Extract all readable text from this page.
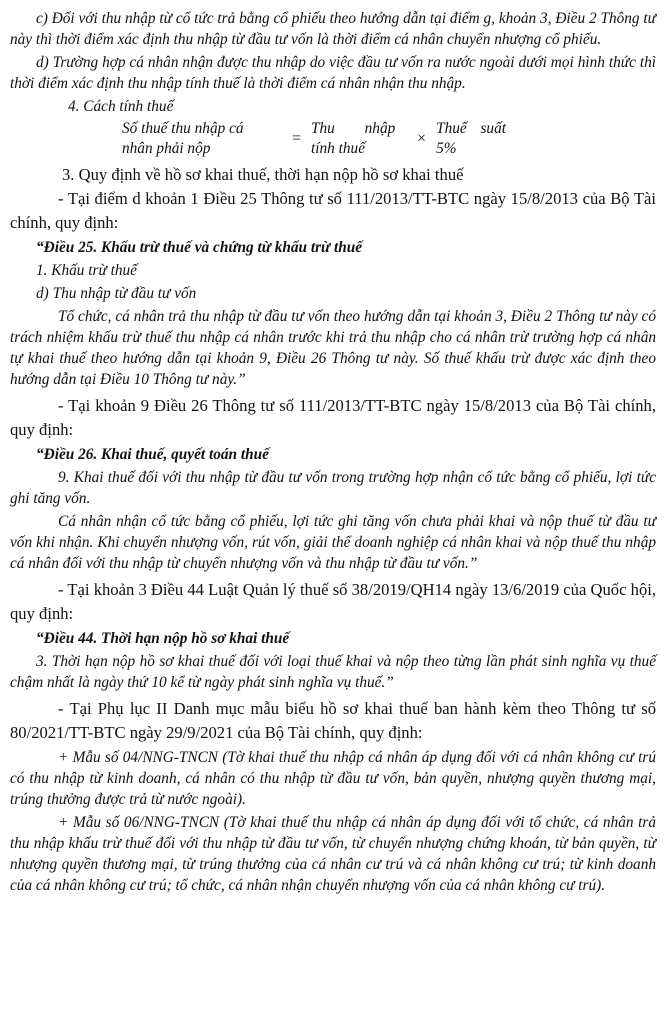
c) Đối với thu nhập từ cổ tức trả bằng cổ phiếu theo hướng dẫn tại điểm g, khoản 3, Điều 2 Thông tư này thì thời điểm xác định thu nhập từ đầu tư vốn là thời điểm cá nhân chuyển nhượng cổ phiếu.

d) Trường hợp cá nhân nhận được thu nhập do việc đầu tư vốn ra nước ngoài dưới mọi hình thức thì thời điểm xác định thu nhập tính thuế là thời điểm cá nhân nhận thu nhập.

4. Cách tính thuế

Số thuế thu nhập cá
nhân phải nộp
=
Thu nhập
tính thuế
×
Thuế suất
5%

3. Quy định về hồ sơ khai thuế, thời hạn nộp hồ sơ khai thuế

- Tại điểm d khoản 1 Điều 25 Thông tư số 111/2013/TT-BTC ngày 15/8/2013 của Bộ Tài chính, quy định:

“Điều 25. Khấu trừ thuế và chứng từ khấu trừ thuế

1. Khấu trừ thuế

d) Thu nhập từ đầu tư vốn

Tổ chức, cá nhân trả thu nhập từ đầu tư vốn theo hướng dẫn tại khoản 3, Điều 2 Thông tư này có trách nhiệm khấu trừ thuế thu nhập cá nhân trước khi trả thu nhập cho cá nhân trừ trường hợp cá nhân tự khai thuế theo hướng dẫn tại khoản 9, Điều 26 Thông tư này. Số thuế khấu trừ được xác định theo hướng dẫn tại Điều 10 Thông tư này.”

- Tại khoản 9 Điều 26 Thông tư số 111/2013/TT-BTC ngày 15/8/2013 của Bộ Tài chính, quy định:

“Điều 26. Khai thuế, quyết toán thuế

9. Khai thuế đối với thu nhập từ đầu tư vốn trong trường hợp nhận cổ tức bằng cổ phiếu, lợi tức ghi tăng vốn.

Cá nhân nhận cổ tức bằng cổ phiếu, lợi tức ghi tăng vốn chưa phải khai và nộp thuế từ đầu tư vốn khi nhận. Khi chuyển nhượng vốn, rút vốn, giải thể doanh nghiệp cá nhân khai và nộp thuế thu nhập cá nhân đối với thu nhập từ chuyển nhượng vốn và thu nhập từ đầu tư vốn.”

- Tại khoản 3 Điều 44 Luật Quản lý thuế số 38/2019/QH14 ngày 13/6/2019 của Quốc hội, quy định:

“Điều 44. Thời hạn nộp hồ sơ khai thuế

3. Thời hạn nộp hồ sơ khai thuế đối với loại thuế khai và nộp theo từng lần phát sinh nghĩa vụ thuế chậm nhất là ngày thứ 10 kể từ ngày phát sinh nghĩa vụ thuế.”

- Tại Phụ lục II Danh mục mẫu biểu hồ sơ khai thuế ban hành kèm theo Thông tư số 80/2021/TT-BTC ngày 29/9/2021 của Bộ Tài chính, quy định:

+ Mẫu số 04/NNG-TNCN (Tờ khai thuế thu nhập cá nhân áp dụng đối với cá nhân không cư trú có thu nhập từ kinh doanh, cá nhân có thu nhập từ đầu tư vốn, bản quyền, nhượng quyền thương mại, trúng thưởng được trả từ nước ngoài).

+ Mẫu số 06/NNG-TNCN (Tờ khai thuế thu nhập cá nhân áp dụng đối với tổ chức, cá nhân trả thu nhập khấu trừ thuế đối với thu nhập từ đầu tư vốn, từ chuyển nhượng chứng khoán, từ bản quyền, từ nhượng quyền thương mại, từ trúng thưởng của cá nhân cư trú và cá nhân không cư trú; từ kinh doanh của cá nhân không cư trú; tổ chức, cá nhân nhận chuyển nhượng vốn của cá nhân không cư trú).
